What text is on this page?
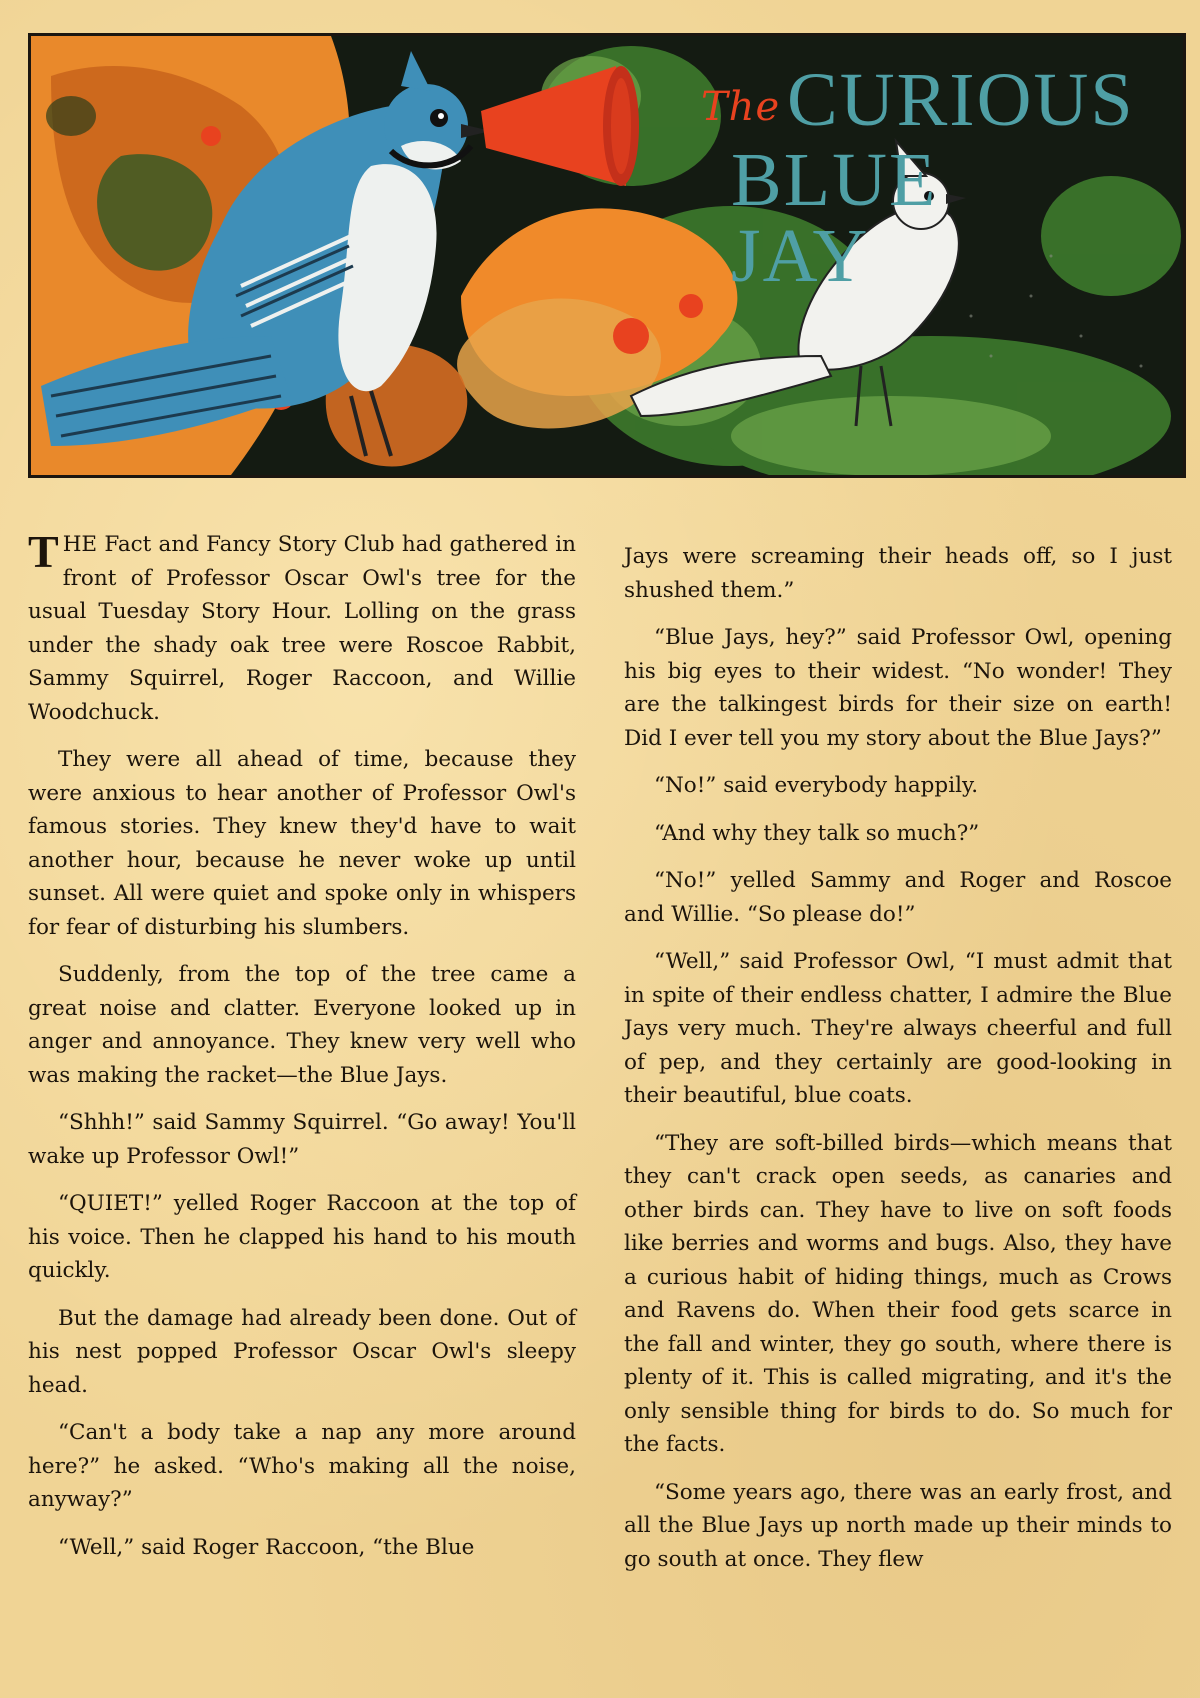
The CURIOUS
BLUE JAY

THE Fact and Fancy Story Club had gathered in front of Professor Oscar Owl's tree for the usual Tuesday Story Hour. Lolling on the grass under the shady oak tree were Roscoe Rabbit, Sammy Squirrel, Roger Raccoon, and Willie Woodchuck.

They were all ahead of time, because they were anxious to hear another of Professor Owl's famous stories. They knew they'd have to wait another hour, because he never woke up until sunset. All were quiet and spoke only in whispers for fear of disturbing his slumbers.

Suddenly, from the top of the tree came a great noise and clatter. Everyone looked up in anger and annoyance. They knew very well who was making the racket—the Blue Jays.

“Shhh!” said Sammy Squirrel. “Go away! You'll wake up Professor Owl!”

“QUIET!” yelled Roger Raccoon at the top of his voice. Then he clapped his hand to his mouth quickly.

But the damage had already been done. Out of his nest popped Professor Oscar Owl's sleepy head.

“Can't a body take a nap any more around here?” he asked. “Who's making all the noise, anyway?”

“Well,” said Roger Raccoon, “the Blue

Jays were screaming their heads off, so I just shushed them.”

“Blue Jays, hey?” said Professor Owl, opening his big eyes to their widest. “No wonder! They are the talkingest birds for their size on earth! Did I ever tell you my story about the Blue Jays?”

“No!” said everybody happily.

“And why they talk so much?”

“No!” yelled Sammy and Roger and Roscoe and Willie. “So please do!”

“Well,” said Professor Owl, “I must admit that in spite of their endless chatter, I admire the Blue Jays very much. They're always cheerful and full of pep, and they certainly are good-looking in their beautiful, blue coats.

“They are soft-billed birds—which means that they can't crack open seeds, as canaries and other birds can. They have to live on soft foods like berries and worms and bugs. Also, they have a curious habit of hiding things, much as Crows and Ravens do. When their food gets scarce in the fall and winter, they go south, where there is plenty of it. This is called migrating, and it's the only sensible thing for birds to do. So much for the facts.

“Some years ago, there was an early frost, and all the Blue Jays up north made up their minds to go south at once. They flew
